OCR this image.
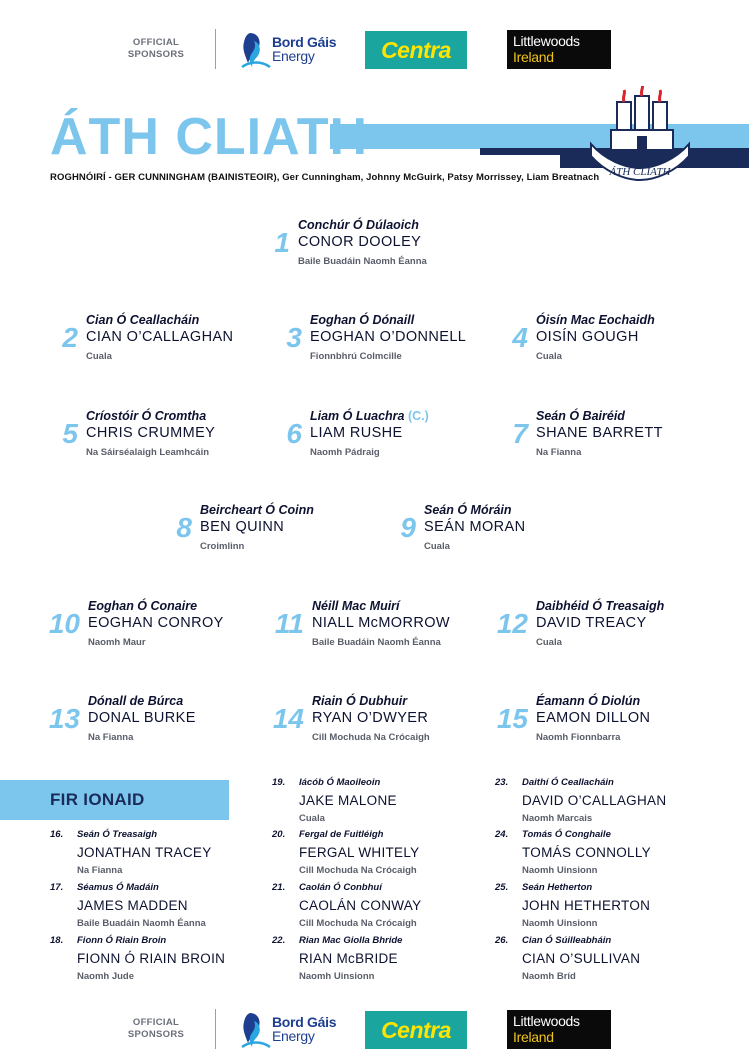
OFFICIAL
SPONSORS
Bord Gáis
Energy	Centra	Littlewoods
Ireland
ÁTH CLIATH
ÁTH CLIATH
ROGHNÓIRÍ - GER CUNNINGHAM (BAINISTEOIR), Ger Cunningham, Johnny McGuirk, Patsy Morrissey, Liam Breatnach
1
Conchúr Ó Dúlaoich
CONOR DOOLEY
Baile Buadáin Naomh Éanna
2
Cian Ó Ceallacháin
CIAN O’CALLAGHAN
Cuala
3
Eoghan Ó Dónaill
EOGHAN O’DONNELL
Fionnbhrú Colmcille
4
Óisín Mac Eochaidh
OISÍN GOUGH
Cuala
5
Críostóir Ó Cromtha
CHRIS CRUMMEY
Na Sáirséalaigh Leamhcáin
6
Liam Ó Luachra (C.)
LIAM RUSHE
Naomh Pádraig
7
Seán Ó Bairéid
SHANE BARRETT
Na Fianna
8
Beircheart Ó Coinn
BEN QUINN
Croimlinn
9
Seán Ó Móráin
SEÁN MORAN
Cuala
10
Eoghan Ó Conaire
EOGHAN CONROY
Naomh Maur
11
Néill Mac Muirí
NIALL McMORROW
Baile Buadáin Naomh Éanna
12
Daibhéid Ó Treasaigh
DAVID TREACY
Cuala
13
Dónall de Búrca
DONAL BURKE
Na Fianna
14
Riain Ó Dubhuir
RYAN O’DWYER
Cill Mochuda Na Crócaigh
15
Éamann Ó Diolún
EAMON DILLON
Naomh Fionnbarra
FIR IONAID
16. Seán Ó Treasaigh
JONATHAN TRACEY
Na Fianna
17. Séamus Ó Madáin
JAMES MADDEN
Baile Buadáin Naomh Éanna
18. Fionn Ó Riain Broin
FIONN Ó RIAIN BROIN
Naomh Jude
19. Iácób Ó Maoileoin
JAKE MALONE
Cuala
20. Fergal de Fuitléigh
FERGAL WHITELY
Cill Mochuda Na Crócaigh
21. Caolán Ó Conbhuí
CAOLÁN CONWAY
Cill Mochuda Na Crócaigh
22. Rian Mac Giolla Bhride
RIAN McBRIDE
Naomh Uinsionn
23. Daithí Ó Ceallacháin
DAVID O’CALLAGHAN
Naomh Marcais
24. Tomás Ó Conghaile
TOMÁS CONNOLLY
Naomh Uinsionn
25. Seán Hetherton
JOHN HETHERTON
Naomh Uinsionn
26. Cian Ó Súilleabháin
CIAN O’SULLIVAN
Naomh Bríd
OFFICIAL
SPONSORS
Bord Gáis
Energy	Centra	Littlewoods
Ireland
